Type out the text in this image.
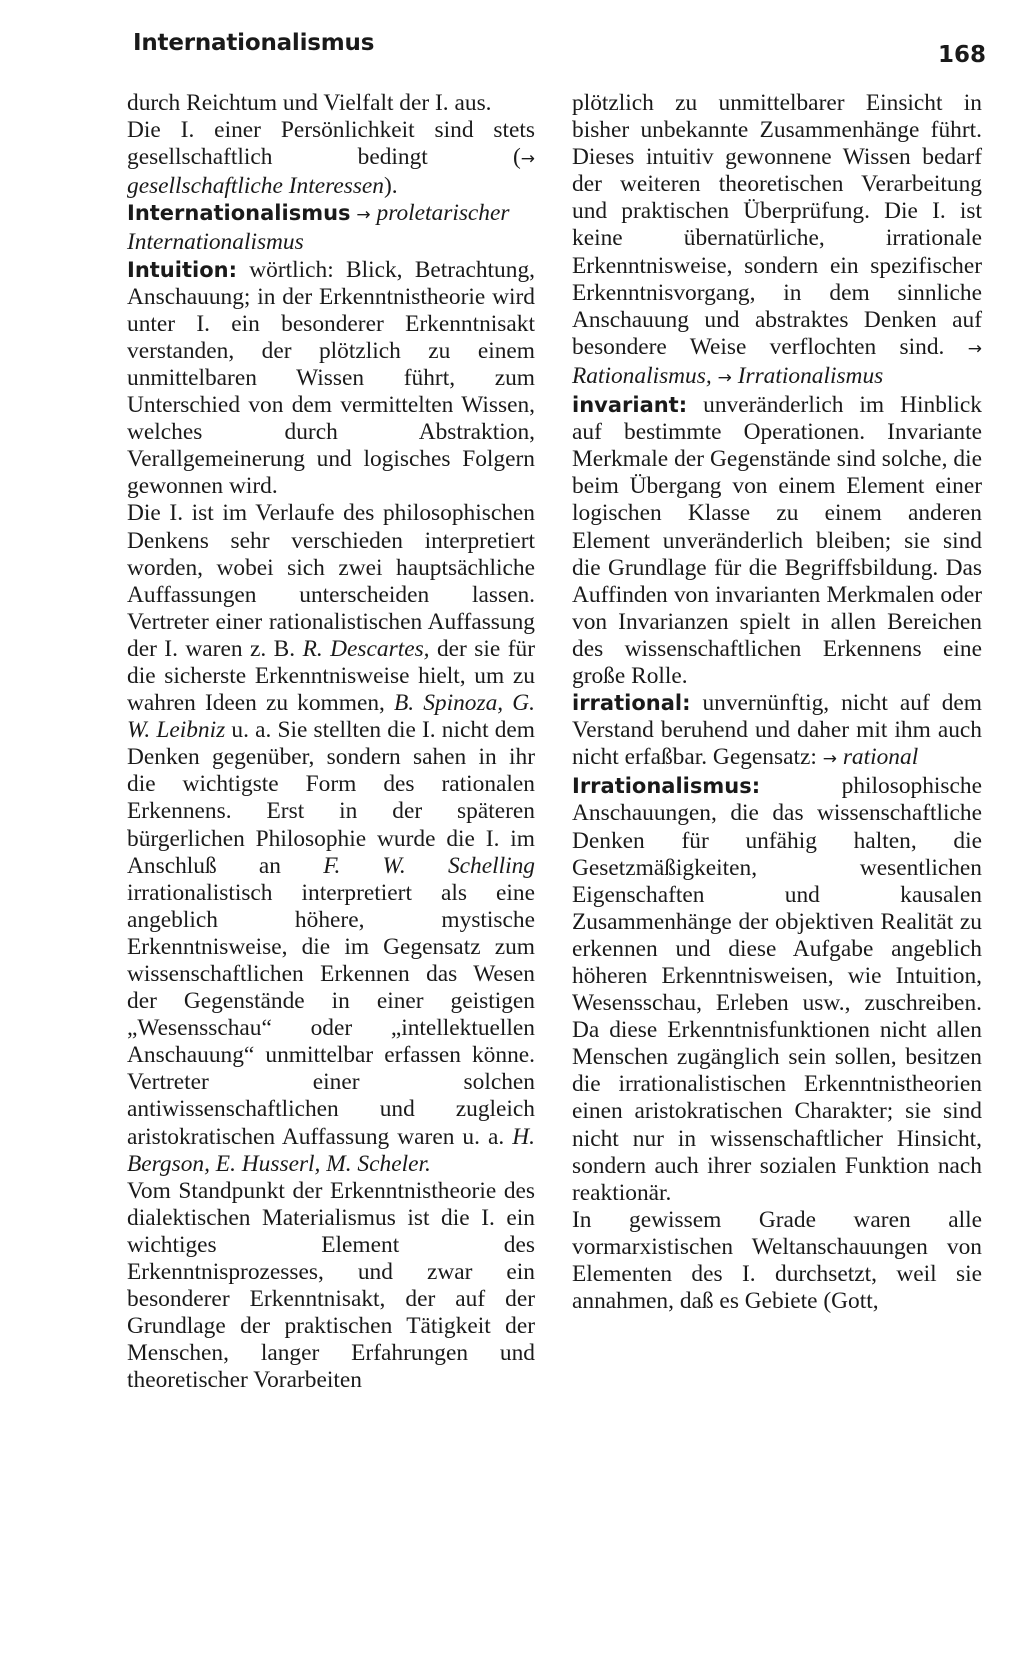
Internationalismus	168

durch Reichtum und Vielfalt der I. aus.

Die I. einer Persönlichkeit sind stets gesellschaftlich bedingt (→ gesellschaftliche Interessen).

Internationalismus → proletarischer Internationalismus

Intuition: wörtlich: Blick, Betrachtung, Anschauung; in der Erkenntnistheorie wird unter I. ein besonderer Erkenntnisakt verstanden, der plötzlich zu einem unmittelbaren Wissen führt, zum Unterschied von dem vermittelten Wissen, welches durch Abstraktion, Verallgemeinerung und logisches Folgern gewonnen wird.

Die I. ist im Verlaufe des philosophischen Denkens sehr verschieden interpretiert worden, wobei sich zwei hauptsächliche Auffassungen unterscheiden lassen. Vertreter einer rationalistischen Auffassung der I. waren z. B. R. Descartes, der sie für die sicherste Erkenntnisweise hielt, um zu wahren Ideen zu kommen, B. Spinoza, G. W. Leibniz u. a. Sie stellten die I. nicht dem Denken gegenüber, sondern sahen in ihr die wichtigste Form des rationalen Erkennens. Erst in der späteren bürgerlichen Philosophie wurde die I. im Anschluß an F. W. Schelling irrationalistisch interpretiert als eine angeblich höhere, mystische Erkenntnisweise, die im Gegensatz zum wissenschaftlichen Erkennen das Wesen der Gegenstände in einer geistigen „Wesensschau“ oder „intellektuellen Anschauung“ unmittelbar erfassen könne. Vertreter einer solchen antiwissenschaftlichen und zugleich aristokratischen Auffassung waren u. a. H. Bergson, E. Husserl, M. Scheler.

Vom Standpunkt der Erkenntnistheorie des dialektischen Materialismus ist die I. ein wichtiges Element des Erkenntnisprozesses, und zwar ein besonderer Erkenntnisakt, der auf der Grundlage der praktischen Tätigkeit der Menschen, langer Erfahrungen und theoretischer Vorarbeiten

plötzlich zu unmittelbarer Einsicht in bisher unbekannte Zusammenhänge führt. Dieses intuitiv gewonnene Wissen bedarf der weiteren theoretischen Verarbeitung und praktischen Überprüfung. Die I. ist keine übernatürliche, irrationale Erkenntnisweise, sondern ein spezifischer Erkenntnisvorgang, in dem sinnliche Anschauung und abstraktes Denken auf besondere Weise verflochten sind. → Rationalismus, → Irrationalismus

invariant: unveränderlich im Hinblick auf bestimmte Operationen. Invariante Merkmale der Gegenstände sind solche, die beim Übergang von einem Element einer logischen Klasse zu einem anderen Element unveränderlich bleiben; sie sind die Grundlage für die Begriffsbildung. Das Auffinden von invarianten Merkmalen oder von Invarianzen spielt in allen Bereichen des wissenschaftlichen Erkennens eine große Rolle.

irrational: unvernünftig, nicht auf dem Verstand beruhend und daher mit ihm auch nicht erfaßbar. Gegensatz: → rational

Irrationalismus:	philosophische Anschauungen, die das wissenschaftliche Denken für unfähig halten, die Gesetzmäßigkeiten, wesentlichen Eigenschaften und kausalen Zusammenhänge der objektiven Realität zu erkennen und diese Aufgabe angeblich höheren Erkenntnisweisen, wie Intuition, Wesensschau, Erleben usw., zuschreiben. Da diese Erkenntnisfunktionen nicht allen Menschen zugänglich sein sollen, besitzen die irrationalistischen Erkenntnistheorien einen aristokratischen Charakter; sie sind nicht nur in wissenschaftlicher Hinsicht, sondern auch ihrer sozialen Funktion nach reaktionär.

In gewissem Grade waren alle vormarxistischen Weltanschauungen von Elementen des I. durchsetzt, weil sie annahmen, daß es Gebiete (Gott,
